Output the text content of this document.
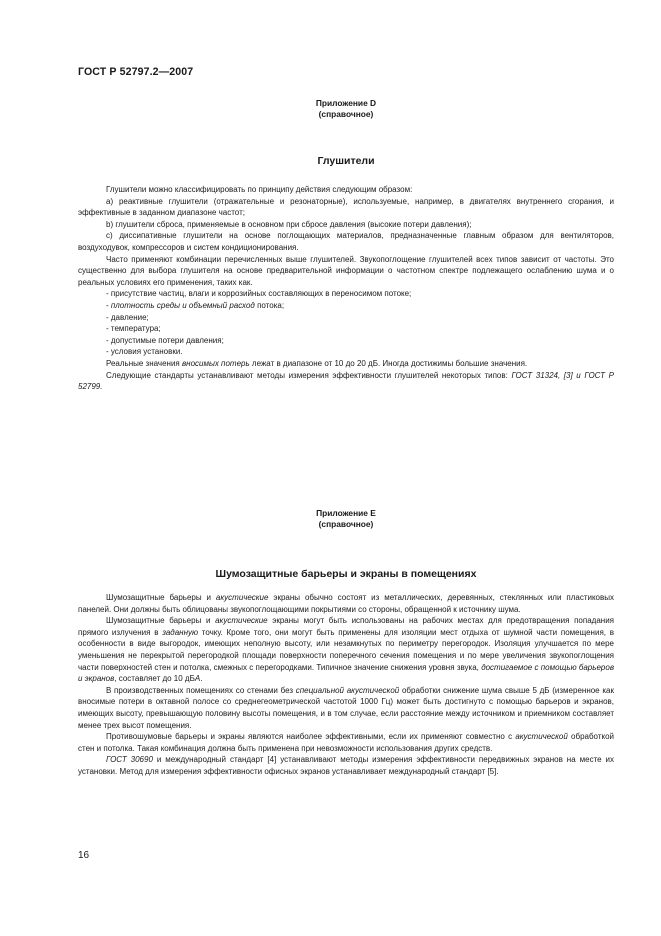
ГОСТ Р 52797.2—2007
Приложение D
(справочное)
Глушители

Глушители можно классифицировать по принципу действия следующим образом:

а) реактивные глушители (отражательные и резонаторные), используемые, например, в двигателях внутреннего сгорания, и эффективные в заданном диапазоне частот;

b) глушители сброса, применяемые в основном при сбросе давления (высокие потери давления);

с) диссипативные глушители на основе поглощающих материалов, предназначенные главным образом для вентиляторов, воздуходувок, компрессоров и систем кондиционирования.

Часто применяют комбинации перечисленных выше глушителей. Звукопоглощение глушителей всех типов зависит от частоты. Это существенно для выбора глушителя на основе предварительной информации о частотном спектре подлежащего ослаблению шума и о реальных условиях его применения, таких как.

- присутствие частиц, влаги и коррозийных составляющих в переносимом потоке;

- плотность среды и объемный расход потока;

- давление;

- температура;

- допустимые потери давления;

- условия установки.

Реальные значения вносимых потерь лежат в диапазоне от 10 до 20 дБ. Иногда достижимы большие значения.

Следующие стандарты устанавливают методы измерения эффективности глушителей некоторых типов: ГОСТ 31324, [3] и ГОСТ Р 52799.

Приложение Е
(справочное)
Шумозащитные барьеры и экраны в помещениях

Шумозащитные барьеры и акустические экраны обычно состоят из металлических, деревянных, стеклянных или пластиковых панелей. Они должны быть облицованы звукопоглощающими покрытиями со стороны, обращенной к источнику шума.

Шумозащитные барьеры и акустические экраны могут быть использованы на рабочих местах для предотвращения попадания прямого излучения в заданную точку. Кроме того, они могут быть применены для изоляции мест отдыха от шумной части помещения, в особенности в виде выгородок, имеющих неполную высоту, или незамкнутых по периметру перегородок. Изоляция улучшается по мере уменьшения не перекрытой перегородкой площади поверхности поперечного сечения помещения и по мере увеличения звукопоглощения части поверхностей стен и потолка, смежных с перегородками. Типичное значение снижения уровня звука, достигаемое с помощью барьеров и экранов, составляет до 10 дБА.

В производственных помещениях со стенами без специальной акустической обработки снижение шума свыше 5 дБ (измеренное как вносимые потери в октавной полосе со среднегеометрической частотой 1000 Гц) может быть достигнуто с помощью барьеров и экранов, имеющих высоту, превышающую половину высоты помещения, и в том случае, если расстояние между источником и приемником составляет менее трех высот помещения.

Противошумовые барьеры и экраны являются наиболее эффективными, если их применяют совместно с акустической обработкой стен и потолка. Такая комбинация должна быть применена при невозможности использования других средств.

ГОСТ 30690 и международный стандарт [4] устанавливают методы измерения эффективности передвижных экранов на месте их установки. Метод для измерения эффективности офисных экранов устанавливает международный стандарт [5].

16
